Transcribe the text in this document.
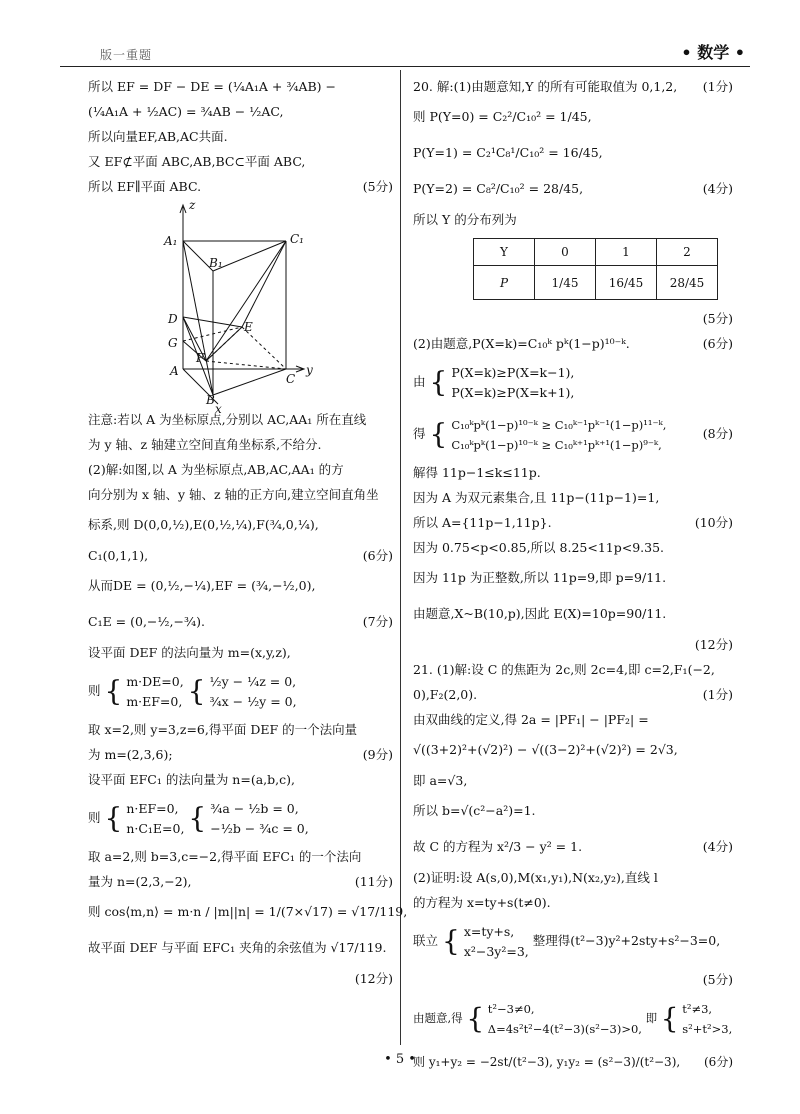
版一重题	• 数学 •
所以 EF = DF − DE = (¼A₁A + ¾AB) −
(¼A₁A + ½AC) = ¾AB − ½AC,
所以向量EF,AB,AC共面.
又 EF⊄平面 ABC,AB,BC⊂平面 ABC,
所以 EF∥平面 ABC.	(5分)
z
y
x
A₁	C₁
B₁
D
G
E
F
A
C
B
注意:若以 A 为坐标原点,分别以 AC,AA₁ 所在直线
为 y 轴、z 轴建立空间直角坐标系,不给分.
(2)解:如图,以 A 为坐标原点,AB,AC,AA₁ 的方
向分别为 x 轴、y 轴、z 轴的正方向,建立空间直角坐
标系,则 D(0,0,½),E(0,½,¼),F(¾,0,¼),
C₁(0,1,1),	(6分)
从而DE = (0,½,−¼),EF = (¾,−½,0),
C₁E = (0,−½,−¾).	(7分)
设平面 DEF 的法向量为 m=(x,y,z),
则 { m·DE=0,
m·EF=0, { ½y − ¼z = 0,
¾x − ½y = 0,
取 x=2,则 y=3,z=6,得平面 DEF 的一个法向量
为 m=(2,3,6);	(9分)
设平面 EFC₁ 的法向量为 n=(a,b,c),
则 { n·EF=0,
n·C₁E=0, { ¾a − ½b = 0,
−½b − ¾c = 0,
取 a=2,则 b=3,c=−2,得平面 EFC₁ 的一个法向
量为 n=(2,3,−2),	(11分)
则 cos⟨m,n⟩ = m·n / |m||n| = 1/(7×√17) = √17/119,
故平面 DEF 与平面 EFC₁ 夹角的余弦值为 √17/119.
(12分)
20. 解:(1)由题意知,Y 的所有可能取值为 0,1,2, (1分)
则 P(Y=0) = C₂²/C₁₀² = 1/45,
P(Y=1) = C₂¹C₈¹/C₁₀² = 16/45,
P(Y=2) = C₈²/C₁₀² = 28/45,	(4分)
所以 Y 的分布列为
Y	0	1	2
P	1/45	16/45	28/45
(5分)
(2)由题意,P(X=k)=C₁₀ᵏ pᵏ(1−p)¹⁰⁻ᵏ.	(6分)
由 { P(X=k)≥P(X=k−1),
P(X=k)≥P(X=k+1),
得 { C₁₀ᵏpᵏ(1−p)¹⁰⁻ᵏ ≥ C₁₀ᵏ⁻¹pᵏ⁻¹(1−p)¹¹⁻ᵏ,
C₁₀ᵏpᵏ(1−p)¹⁰⁻ᵏ ≥ C₁₀ᵏ⁺¹pᵏ⁺¹(1−p)⁹⁻ᵏ,
(8分)
解得 11p−1≤k≤11p.
因为 A 为双元素集合,且 11p−(11p−1)=1,
所以 A={11p−1,11p}.	(10分)
因为 0.75<p<0.85,所以 8.25<11p<9.35.
因为 11p 为正整数,所以 11p=9,即 p=9/11.
由题意,X~B(10,p),因此 E(X)=10p=90/11.
(12分)
21. (1)解:设 C 的焦距为 2c,则 2c=4,即 c=2,F₁(−2,
0),F₂(2,0).	(1分)
由双曲线的定义,得 2a = |PF₁| − |PF₂| =
√((3+2)²+(√2)²) − √((3−2)²+(√2)²) = 2√3,
即 a=√3,
所以 b=√(c²−a²)=1.
故 C 的方程为 x²/3 − y² = 1.	(4分)
(2)证明:设 A(s,0),M(x₁,y₁),N(x₂,y₂),直线 l
的方程为 x=ty+s(t≠0).
联立 { x=ty+s,
x²−3y²=3,
整理得(t²−3)y²+2sty+s²−3=0,
(5分)
由题意,得 { t²−3≠0,
Δ=4s²t²−4(t²−3)(s²−3)>0,
即 { t²≠3,
s²+t²>3,
则 y₁+y₂ = −2st/(t²−3), y₁y₂ = (s²−3)/(t²−3), (6分)
• 5 •
